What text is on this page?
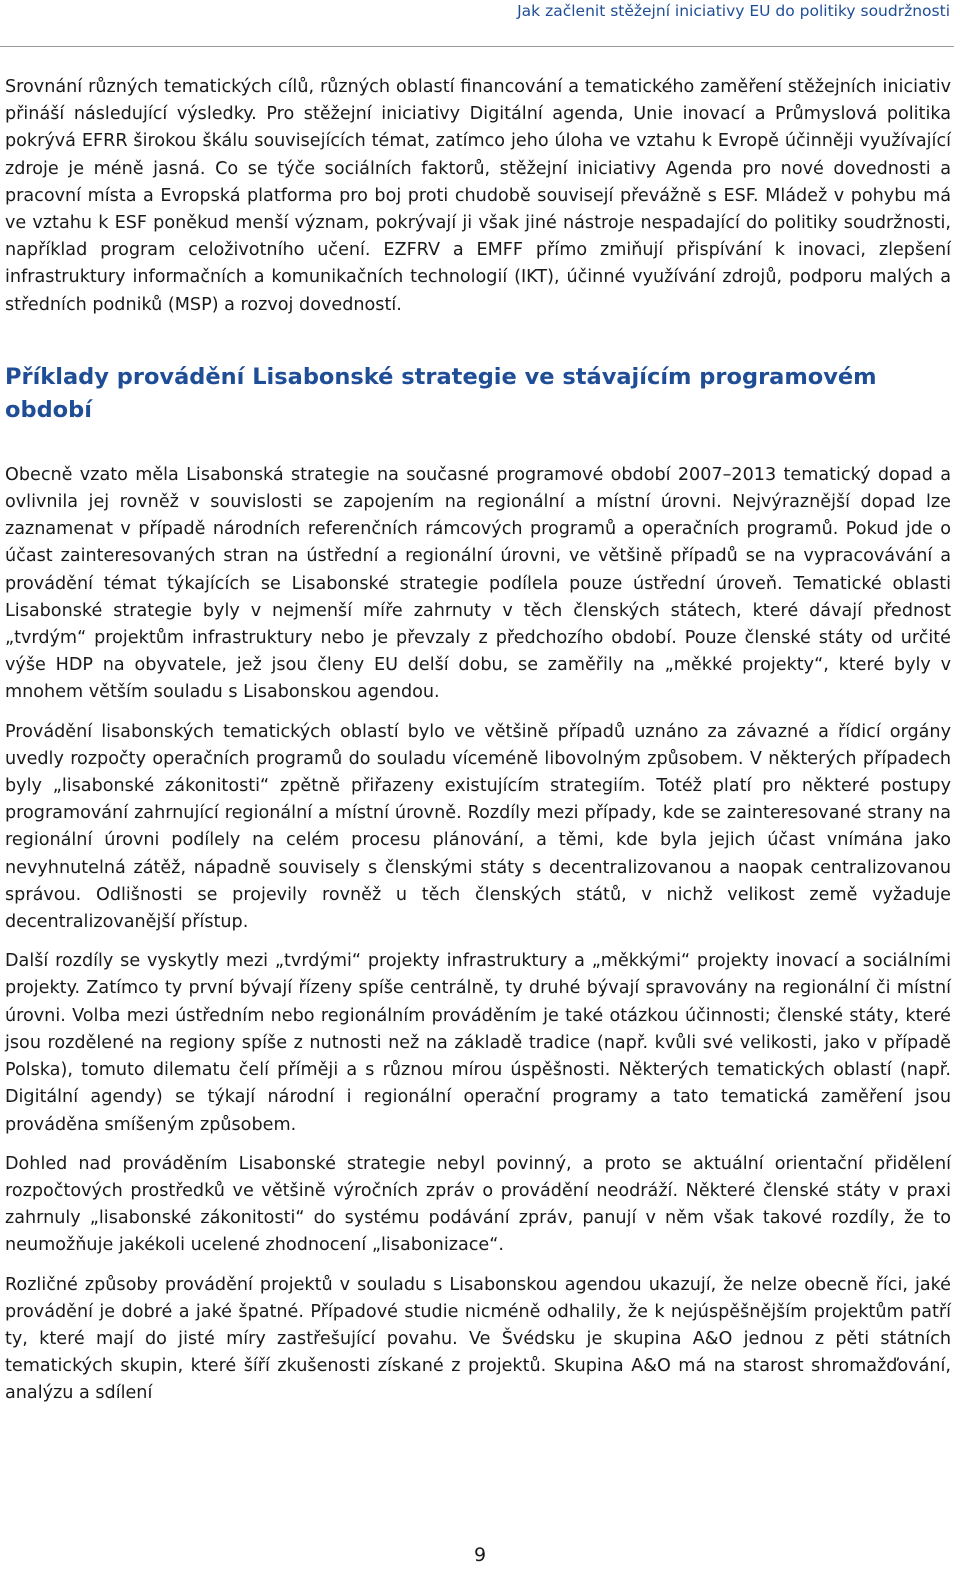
Jak začlenit stěžejní iniciativy EU do politiky soudržnosti

Srovnání různých tematických cílů, různých oblastí financování a tematického zaměření stěžejních iniciativ přináší následující výsledky. Pro stěžejní iniciativy Digitální agenda, Unie inovací a Průmyslová politika pokrývá EFRR širokou škálu souvisejících témat, zatímco jeho úloha ve vztahu k Evropě účinněji využívající zdroje je méně jasná. Co se týče sociálních faktorů, stěžejní iniciativy Agenda pro nové dovednosti a pracovní místa a Evropská platforma pro boj proti chudobě souvisejí převážně s ESF. Mládež v pohybu má ve vztahu k ESF poněkud menší význam, pokrývají ji však jiné nástroje nespadající do politiky soudržnosti, například program celoživotního učení. EZFRV a EMFF přímo zmiňují přispívání k inovaci, zlepšení infrastruktury informačních a komunikačních technologií (IKT), účinné využívání zdrojů, podporu malých a středních podniků (MSP) a rozvoj dovedností.

Příklady provádění Lisabonské strategie ve stávajícím programovém období

Obecně vzato měla Lisabonská strategie na současné programové období 2007–2013 tematický dopad a ovlivnila jej rovněž v souvislosti se zapojením na regionální a místní úrovni. Nejvýraznější dopad lze zaznamenat v případě národních referenčních rámcových programů a operačních programů. Pokud jde o účast zainteresovaných stran na ústřední a regionální úrovni, ve většině případů se na vypracovávání a provádění témat týkajících se Lisabonské strategie podílela pouze ústřední úroveň. Tematické oblasti Lisabonské strategie byly v nejmenší míře zahrnuty v těch členských státech, které dávají přednost „tvrdým“ projektům infrastruktury nebo je převzaly z předchozího období. Pouze členské státy od určité výše HDP na obyvatele, jež jsou členy EU delší dobu, se zaměřily na „měkké projekty“, které byly v mnohem větším souladu s Lisabonskou agendou.

Provádění lisabonských tematických oblastí bylo ve většině případů uznáno za závazné a řídicí orgány uvedly rozpočty operačních programů do souladu víceméně libovolným způsobem. V některých případech byly „lisabonské zákonitosti“ zpětně přiřazeny existujícím strategiím. Totéž platí pro některé postupy programování zahrnující regionální a místní úrovně. Rozdíly mezi případy, kde se zainteresované strany na regionální úrovni podílely na celém procesu plánování, a těmi, kde byla jejich účast vnímána jako nevyhnutelná zátěž, nápadně souvisely s členskými státy s decentralizovanou a naopak centralizovanou správou. Odlišnosti se projevily rovněž u těch členských států, v nichž velikost země vyžaduje decentralizovanější přístup.

Další rozdíly se vyskytly mezi „tvrdými“ projekty infrastruktury a „měkkými“ projekty inovací a sociálními projekty. Zatímco ty první bývají řízeny spíše centrálně, ty druhé bývají spravovány na regionální či místní úrovni. Volba mezi ústředním nebo regionálním prováděním je také otázkou účinnosti; členské státy, které jsou rozdělené na regiony spíše z nutnosti než na základě tradice (např. kvůli své velikosti, jako v případě Polska), tomuto dilematu čelí příměji a s různou mírou úspěšnosti. Některých tematických oblastí (např. Digitální agendy) se týkají národní i regionální operační programy a tato tematická zaměření jsou prováděna smíšeným způsobem.

Dohled nad prováděním Lisabonské strategie nebyl povinný, a proto se aktuální orientační přidělení rozpočtových prostředků ve většině výročních zpráv o provádění neodráží. Některé členské státy v praxi zahrnuly „lisabonské zákonitosti“ do systému podávání zpráv, panují v něm však takové rozdíly, že to neumožňuje jakékoli ucelené zhodnocení „lisabonizace“.

Rozličné způsoby provádění projektů v souladu s Lisabonskou agendou ukazují, že nelze obecně říci, jaké provádění je dobré a jaké špatné. Případové studie nicméně odhalily, že k nejúspěšnějším projektům patří ty, které mají do jisté míry zastřešující povahu. Ve Švédsku je skupina A&O jednou z pěti státních tematických skupin, které šíří zkušenosti získané z projektů. Skupina A&O má na starost shromažďování, analýzu a sdílení

9
